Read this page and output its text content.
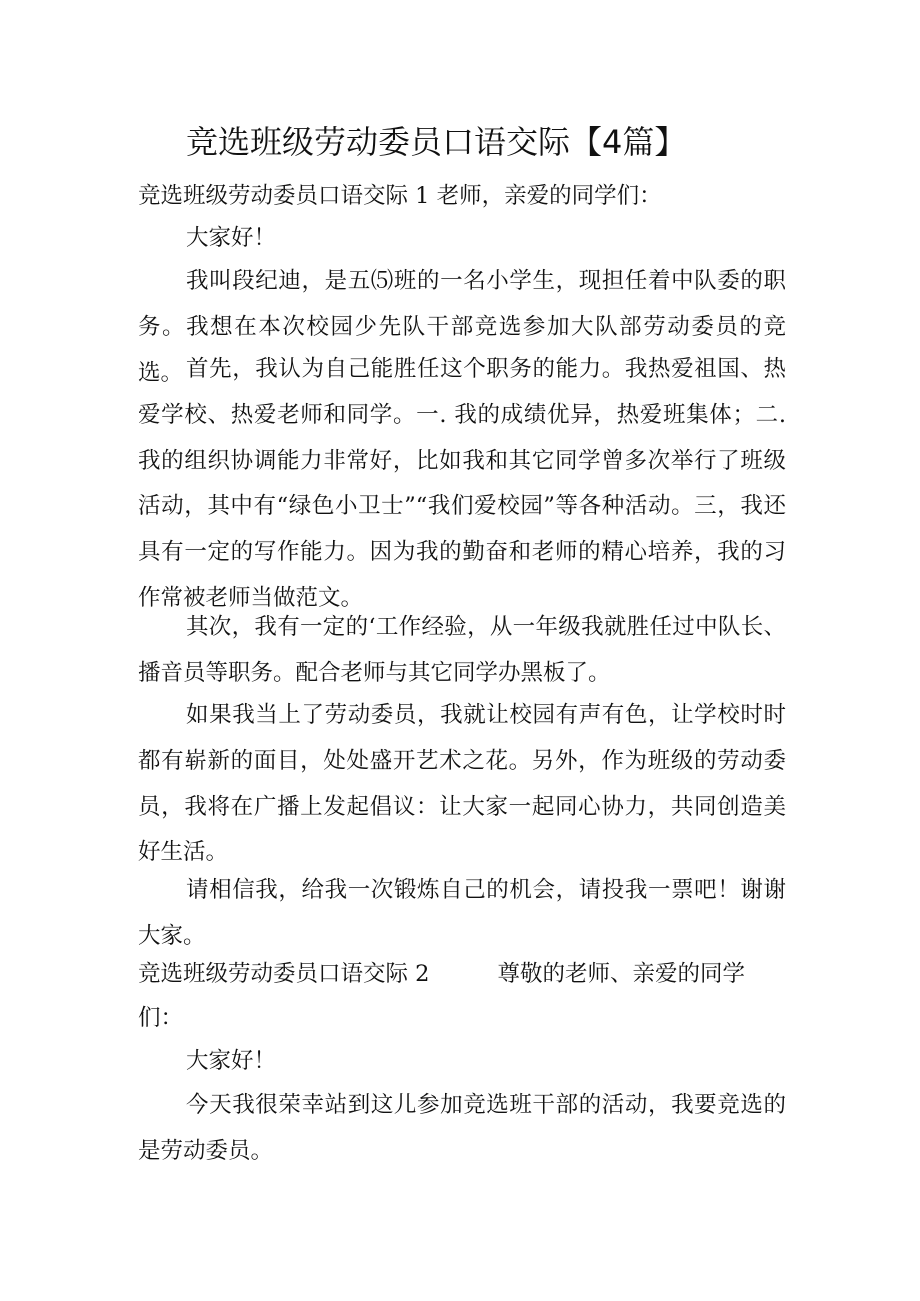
竞选班级劳动委员口语交际【4篇】

竞选班级劳动委员口语交际 1 老师，亲爱的同学们：

大家好！

我叫段纪迪，是五⑸班的一名小学生，现担任着中队委的职务。我想在本次校园少先队干部竞选参加大队部劳动委员的竞选。 首先，我认为自己能胜任这个职务的能力。我热爱祖国、热爱学校、热爱老师和同学。一. 我的成绩优异，热爱班集体；二. 我的组织协调能力非常好，比如我和其它同学曾多次举行了班级活动，其中有“绿色小卫士”“我们爱校园”等各种活动。三，我还具有一定的写作能力。因为我的勤奋和老师的精心培养，我的习作常被老师当做范文。

其次，我有一定的‘工作经验，从一年级我就胜任过中队长、播音员等职务。配合老师与其它同学办黑板了。

如果我当上了劳动委员，我就让校园有声有色，让学校时时都有崭新的面目，处处盛开艺术之花。另外，作为班级的劳动委员，我将在广播上发起倡议：让大家一起同心协力，共同创造美好生活。

请相信我，给我一次锻炼自己的机会，请投我一票吧！谢谢大家。

竞选班级劳动委员口语交际 2	尊敬的老师、亲爱的同学

们：

大家好！

今天我很荣幸站到这儿参加竞选班干部的活动，我要竞选的是劳动委员。
